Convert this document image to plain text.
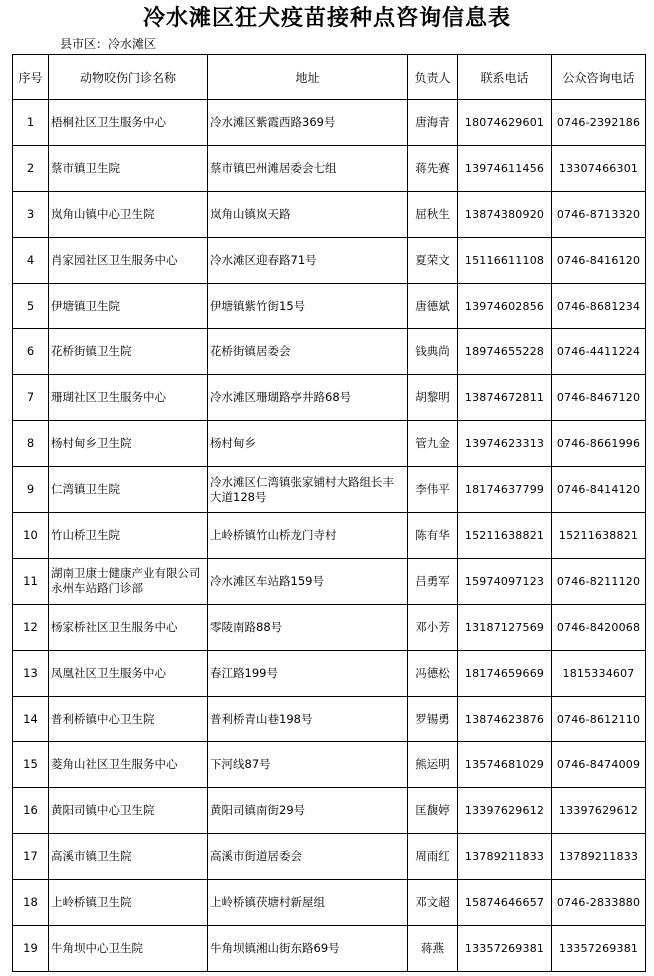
冷水滩区狂犬疫苗接种点咨询信息表
县市区：冷水滩区
序号	动物咬伤门诊名称	地址	负责人	联系电话	公众咨询电话
1	梧桐社区卫生服务中心	冷水滩区紫霞西路369号	唐海青	18074629601	0746-2392186
2	蔡市镇卫生院	蔡市镇巴州滩居委会七组	蒋先赛	13974611456	13307466301
3	岚角山镇中心卫生院	岚角山镇岚天路	屈秋生	13874380920	0746-8713320
4	肖家园社区卫生服务中心	冷水滩区迎春路71号	夏荣文	15116611108	0746-8416120
5	伊塘镇卫生院	伊塘镇紫竹街15号	唐德斌	13974602856	0746-8681234
6	花桥街镇卫生院	花桥街镇居委会	钱典尚	18974655228	0746-4411224
7	珊瑚社区卫生服务中心	冷水滩区珊瑚路亭井路68号	胡黎明	13874672811	0746-8467120
8	杨村甸乡卫生院	杨村甸乡	管九金	13974623313	0746-8661996
9	仁湾镇卫生院	冷水滩区仁湾镇张家铺村大路组长丰大道128号	李伟平	18174637799	0746-8414120
10	竹山桥卫生院	上岭桥镇竹山桥龙门寺村	陈有华	15211638821	15211638821
11	湖南卫康士健康产业有限公司永州车站路门诊部	冷水滩区车站路159号	吕勇军	15974097123	0746-8211120
12	杨家桥社区卫生服务中心	零陵南路88号	邓小芳	13187127569	0746-8420068
13	凤凰社区卫生服务中心	春江路199号	冯德松	18174659669	1815334607
14	普利桥镇中心卫生院	普利桥青山巷198号	罗锡勇	13874623876	0746-8612110
15	菱角山社区卫生服务中心	下河线87号	熊运明	13574681029	0746-8474009
16	黄阳司镇中心卫生院	黄阳司镇南街29号	匡馥婷	13397629612	13397629612
17	高溪市镇卫生院	高溪市街道居委会	周雨红	13789211833	13789211833
18	上岭桥镇卫生院	上岭桥镇茯塘村新屋组	邓文超	15874646657	0746-2833880
19	牛角坝中心卫生院	牛角坝镇湘山街东路69号	蒋燕	13357269381	13357269381
